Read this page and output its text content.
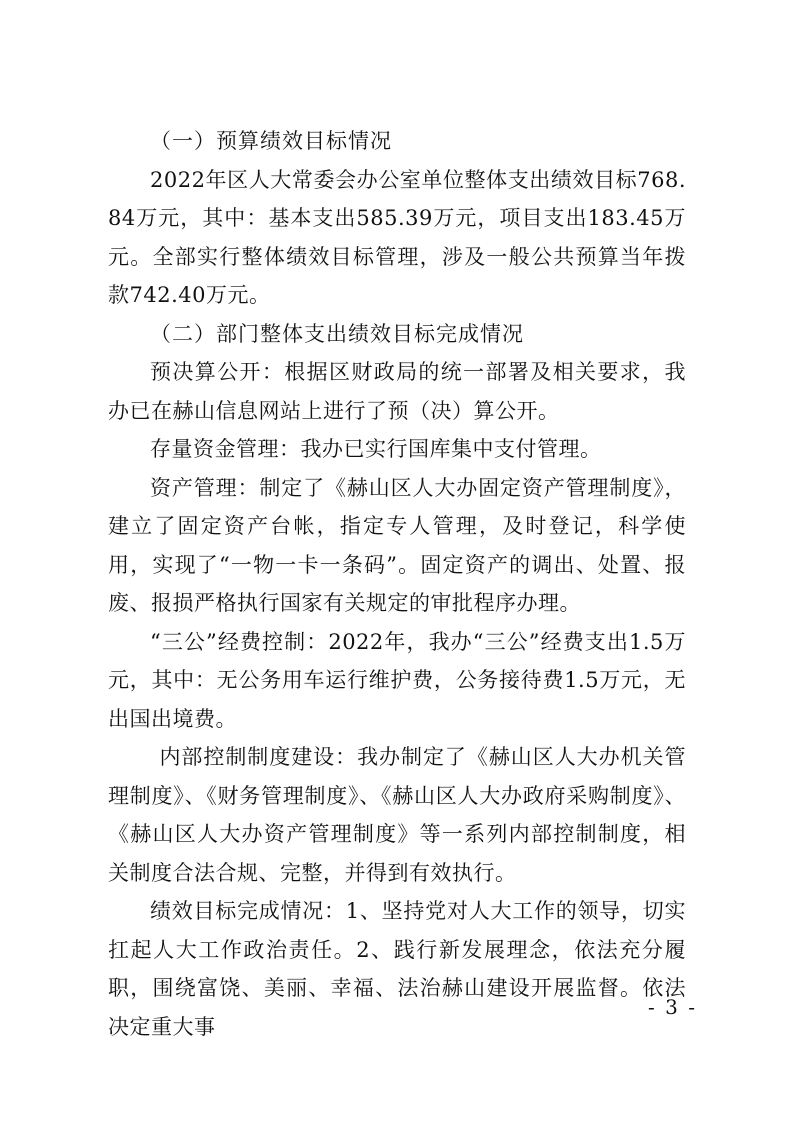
（一）预算绩效目标情况

2022年区人大常委会办公室单位整体支出绩效目标768.84万元，其中：基本支出585.39万元，项目支出183.45万元。全部实行整体绩效目标管理，涉及一般公共预算当年拨款742.40万元。

（二）部门整体支出绩效目标完成情况

预决算公开：根据区财政局的统一部署及相关要求，我办已在赫山信息网站上进行了预（决）算公开。

存量资金管理：我办已实行国库集中支付管理。

资产管理：制定了《赫山区人大办固定资产管理制度》，建立了固定资产台帐，指定专人管理，及时登记，科学使用，实现了“一物一卡一条码”。固定资产的调出、处置、报废、报损严格执行国家有关规定的审批程序办理。

“三公”经费控制：2022年，我办“三公”经费支出1.5万元，其中：无公务用车运行维护费，公务接待费1.5万元，无出国出境费。

内部控制制度建设：我办制定了《赫山区人大办机关管理制度》、《财务管理制度》、《赫山区人大办政府采购制度》、《赫山区人大办资产管理制度》等一系列内部控制制度，相关制度合法合规、完整，并得到有效执行。

绩效目标完成情况：1、坚持党对人大工作的领导，切实扛起人大工作政治责任。2、践行新发展理念，依法充分履职，围绕富饶、美丽、幸福、法治赫山建设开展监督。依法决定重大事

- 3 -
